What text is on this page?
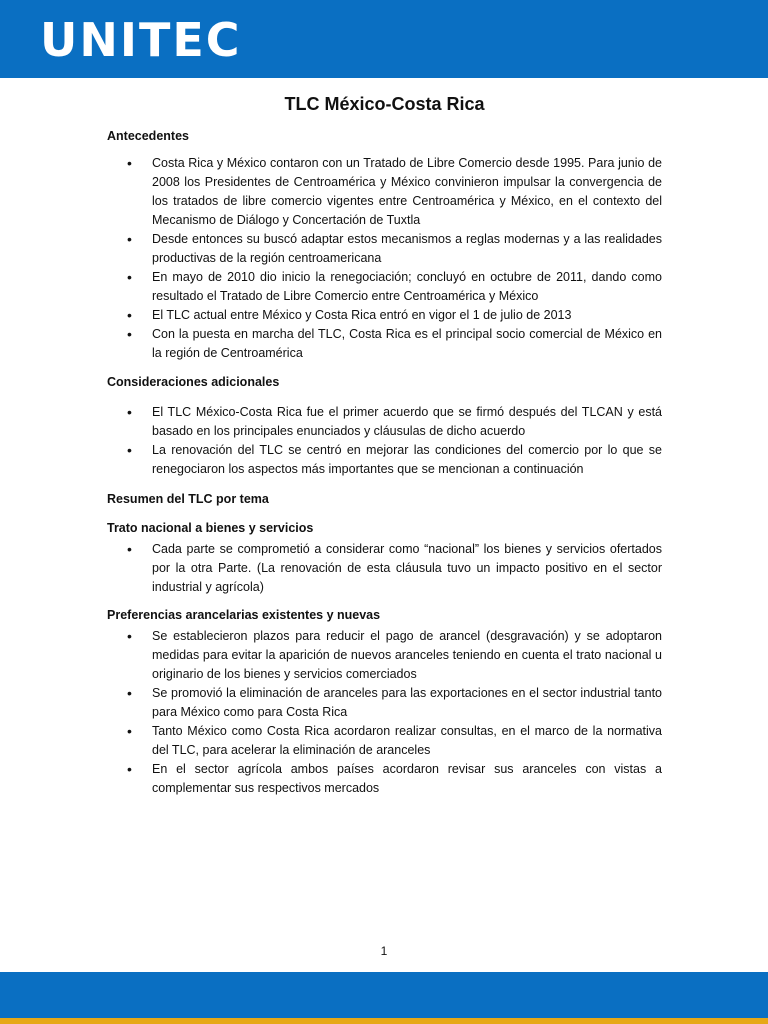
UNITEC
TLC México-Costa Rica
Antecedentes
• Costa Rica y México contaron con un Tratado de Libre Comercio desde 1995. Para junio de 2008 los Presidentes de Centroamérica y México convinieron impulsar la convergencia de los tratados de libre comercio vigentes entre Centroamérica y México, en el contexto del Mecanismo de Diálogo y Concertación de Tuxtla
• Desde entonces su buscó adaptar estos mecanismos a reglas modernas y a las realidades productivas de la región centroamericana
• En mayo de 2010 dio inicio la renegociación; concluyó en octubre de 2011, dando como resultado el Tratado de Libre Comercio entre Centroamérica y México
• El TLC actual entre México y Costa Rica entró en vigor el 1 de julio de 2013
• Con la puesta en marcha del TLC, Costa Rica es el principal socio comercial de México en la región de Centroamérica
Consideraciones adicionales
• El TLC México-Costa Rica fue el primer acuerdo que se firmó después del TLCAN y está basado en los principales enunciados y cláusulas de dicho acuerdo
• La renovación del TLC se centró en mejorar las condiciones del comercio por lo que se renegociaron los aspectos más importantes que se mencionan a continuación
Resumen del TLC por tema
Trato nacional a bienes y servicios
• Cada parte se comprometió a considerar como “nacional” los bienes y servicios ofertados por la otra Parte. (La renovación de esta cláusula tuvo un impacto positivo en el sector industrial y agrícola)
Preferencias arancelarias existentes y nuevas
• Se establecieron plazos para reducir el pago de arancel (desgravación) y se adoptaron medidas para evitar la aparición de nuevos aranceles teniendo en cuenta el trato nacional u originario de los bienes y servicios comerciados
• Se promovió la eliminación de aranceles para las exportaciones en el sector industrial tanto para México como para Costa Rica
• Tanto México como Costa Rica acordaron realizar consultas, en el marco de la normativa del TLC, para acelerar la eliminación de aranceles
• En el sector agrícola ambos países acordaron revisar sus aranceles con vistas a complementar sus respectivos mercados
1
